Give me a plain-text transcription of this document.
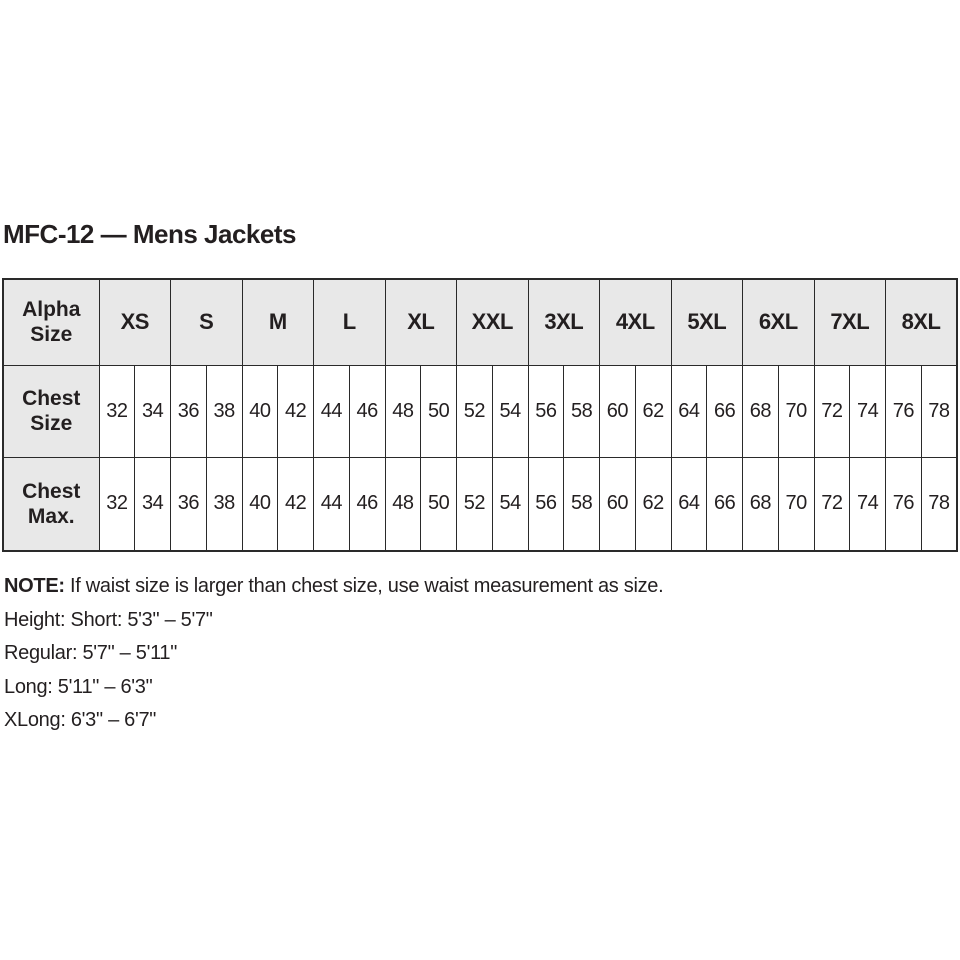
MFC-12 — Mens Jackets
Alpha Size	XS		S		M		L		XL		XXL		3XL		4XL		5XL		6XL		7XL		8XL	
Chest Size	32	34	36	38	40	42	44	46	48	50	52	54	56	58	60	62	64	66	68	70	72	74	76	78
Chest Max.	32	34	36	38	40	42	44	46	48	50	52	54	56	58	60	62	64	66	68	70	72	74	76	78

NOTE: If waist size is larger than chest size, use waist measurement as size.

Height: Short: 5'3" – 5'7"

Regular: 5'7" – 5'11"

Long: 5'11" – 6'3"

XLong: 6'3" – 6'7"
